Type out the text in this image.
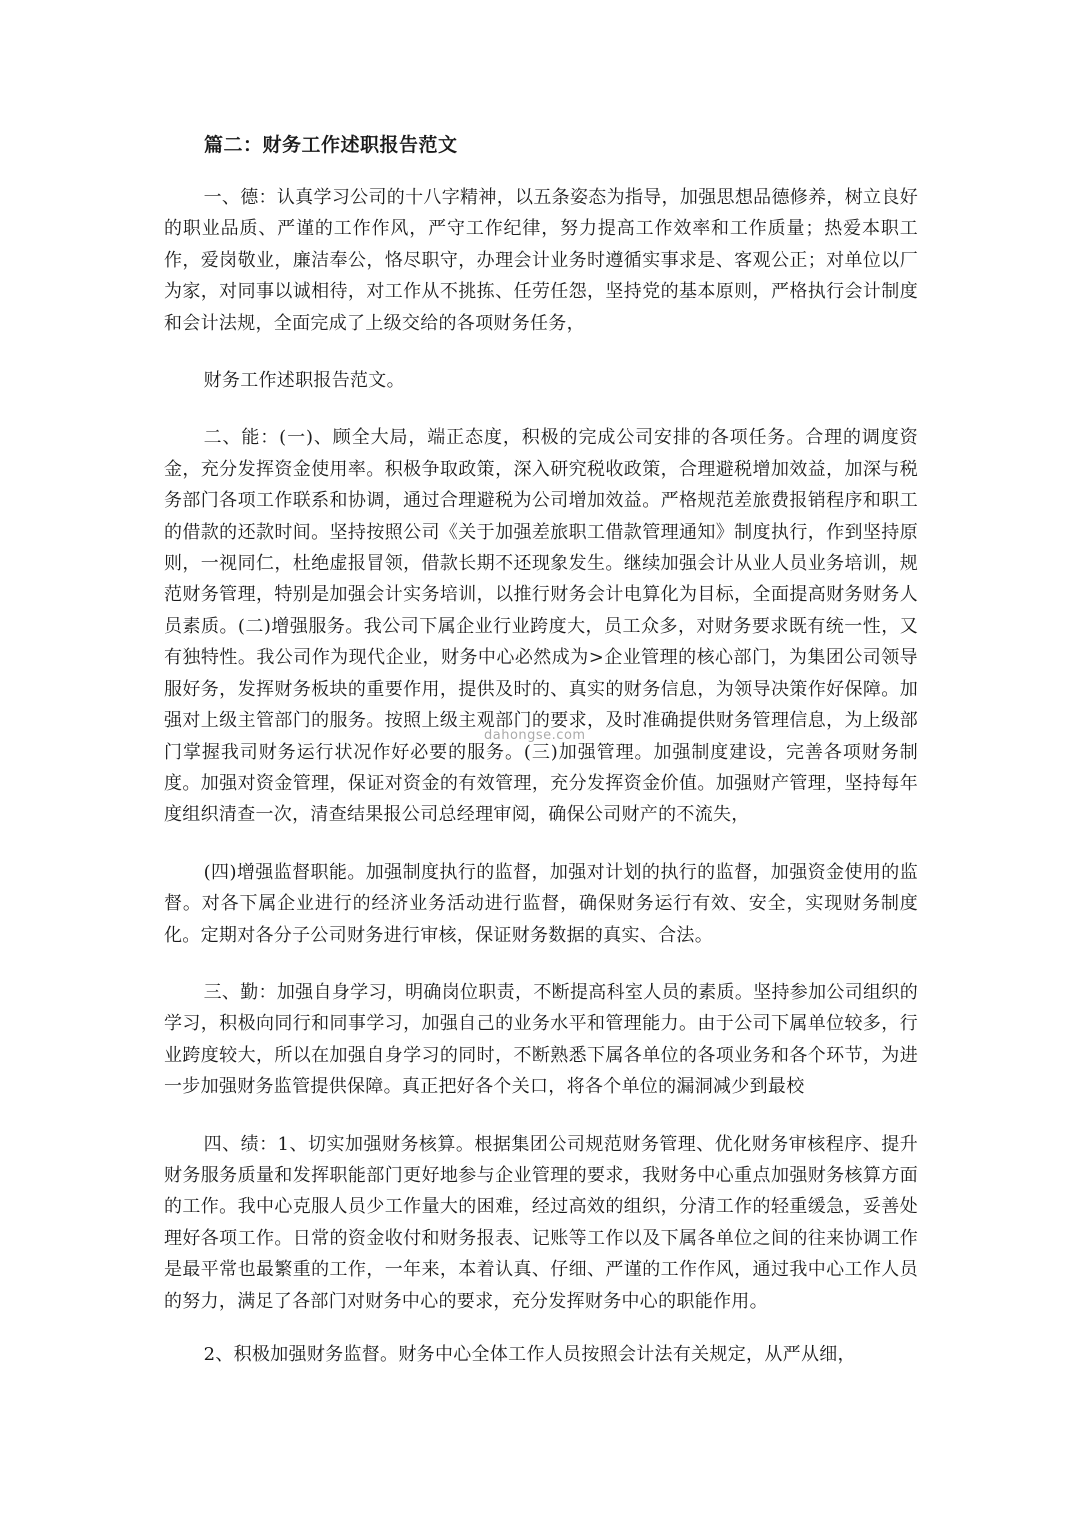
篇二：财务工作述职报告范文

一、德：认真学习公司的十八字精神，以五条姿态为指导，加强思想品德修养，树立良好的职业品质、严谨的工作作风，严守工作纪律，努力提高工作效率和工作质量；热爱本职工作，爱岗敬业，廉洁奉公，恪尽职守，办理会计业务时遵循实事求是、客观公正；对单位以厂为家，对同事以诚相待，对工作从不挑拣、任劳任怨，坚持党的基本原则，严格执行会计制度和会计法规，全面完成了上级交给的各项财务任务，

财务工作述职报告范文。

二、能：(一)、顾全大局，端正态度，积极的完成公司安排的各项任务。合理的调度资金，充分发挥资金使用率。积极争取政策，深入研究税收政策，合理避税增加效益，加深与税务部门各项工作联系和协调，通过合理避税为公司增加效益。严格规范差旅费报销程序和职工的借款的还款时间。坚持按照公司《关于加强差旅职工借款管理通知》制度执行，作到坚持原则，一视同仁，杜绝虚报冒领，借款长期不还现象发生。继续加强会计从业人员业务培训，规范财务管理，特别是加强会计实务培训，以推行财务会计电算化为目标，全面提高财务财务人员素质。(二)增强服务。我公司下属企业行业跨度大，员工众多，对财务要求既有统一性，又有独特性。我公司作为现代企业，财务中心必然成为>企业管理的核心部门，为集团公司领导服好务，发挥财务板块的重要作用，提供及时的、真实的财务信息，为领导决策作好保障。加强对上级主管部门的服务。按照上级主观部门的要求，及时准确提供财务管理信息，为上级部门掌握我司财务运行状况作好必要的服务。(三)加强管理。加强制度建设，完善各项财务制度。加强对资金管理，保证对资金的有效管理，充分发挥资金价值。加强财产管理，坚持每年度组织清查一次，清查结果报公司总经理审阅，确保公司财产的不流失，

(四)增强监督职能。加强制度执行的监督，加强对计划的执行的监督，加强资金使用的监督。对各下属企业进行的经济业务活动进行监督，确保财务运行有效、安全，实现财务制度化。定期对各分子公司财务进行审核，保证财务数据的真实、合法。

三、勤：加强自身学习，明确岗位职责，不断提高科室人员的素质。坚持参加公司组织的学习，积极向同行和同事学习，加强自己的业务水平和管理能力。由于公司下属单位较多，行业跨度较大，所以在加强自身学习的同时，不断熟悉下属各单位的各项业务和各个环节，为进一步加强财务监管提供保障。真正把好各个关口，将各个单位的漏洞减少到最校

四、绩：1、切实加强财务核算。根据集团公司规范财务管理、优化财务审核程序、提升财务服务质量和发挥职能部门更好地参与企业管理的要求，我财务中心重点加强财务核算方面的工作。我中心克服人员少工作量大的困难，经过高效的组织，分清工作的轻重缓急，妥善处理好各项工作。日常的资金收付和财务报表、记账等工作以及下属各单位之间的往来协调工作是最平常也最繁重的工作，一年来，本着认真、仔细、严谨的工作作风，通过我中心工作人员的努力，满足了各部门对财务中心的要求，充分发挥财务中心的职能作用。

2、积极加强财务监督。财务中心全体工作人员按照会计法有关规定，从严从细，

dahongse.com
